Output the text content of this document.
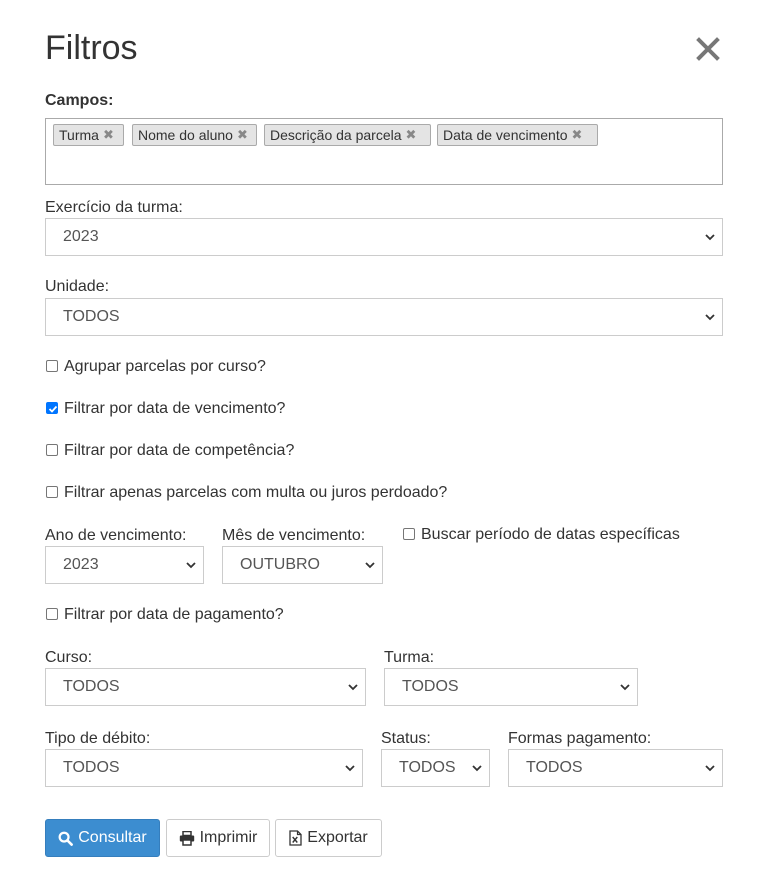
Filtros
Campos:
Turma ✖ Nome do aluno ✖ Descrição da parcela ✖ Data de vencimento ✖
Exercício da turma:
2023
Unidade:
TODOS
Agrupar parcelas por curso?
Filtrar por data de vencimento?
Filtrar por data de competência?
Filtrar apenas parcelas com multa ou juros perdoado?
Ano de vencimento:
2023
Mês de vencimento:
OUTUBRO
Buscar período de datas específicas
Filtrar por data de pagamento?
Curso:
TODOS
Turma:
TODOS
Tipo de débito:
TODOS
Status:
TODOS
Formas pagamento:
TODOS
Consultar	Imprimir	Exportar
